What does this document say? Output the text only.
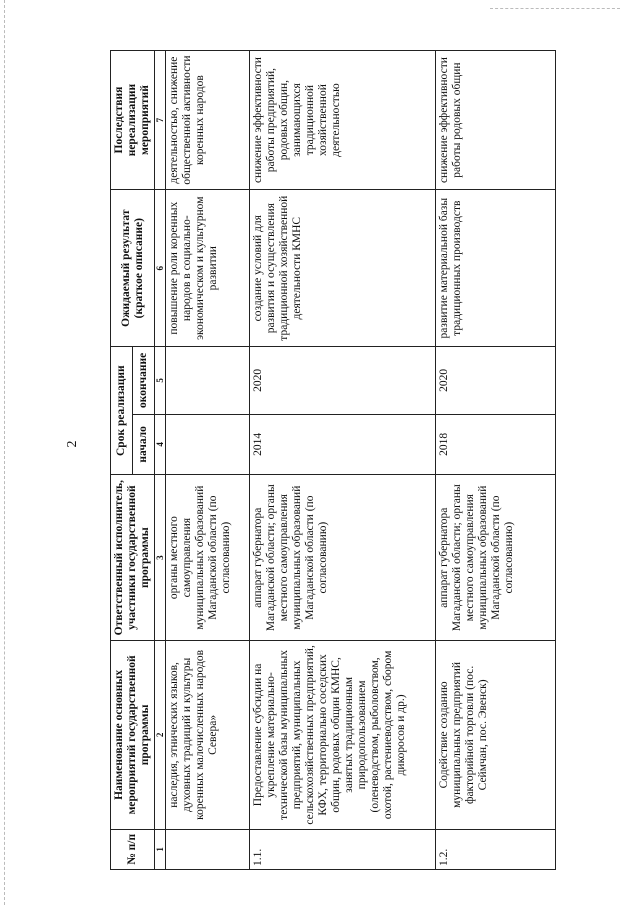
2
№ п/п	Наименование основных мероприятий государственной программы	Ответственный исполнитель, участники государственной программы	Срок реализации		Ожидаемый результат (краткое описание)	Последствия нереализации мероприятий
			начало	окончание		
1	2	3	4	5	6	7
	наследия, этнических языков, духовных традиций и культуры коренных малочисленных народов Севера»	органы местного самоуправления муниципальных образований Магаданской области (по согласованию)			повышение роли коренных народов в социально-экономическом и культурном развитии	деятельностью, снижение общественной активности коренных народов
1.1.	Предоставление субсидии на укрепление материально-технической базы муниципальных предприятий, муниципальных сельскохозяйственных предприятий, КФХ, территориально соседских общин, родовых общин КМНС, занятых традиционным природопользованием (оленеводством, рыболовством, охотой, растениеводством, сбором дикоросов и др.)	аппарат губернатора Магаданской области; органы местного самоуправления муниципальных образований Магаданской области (по согласованию)	2014	2020	создание условий для развития и осуществления традиционной хозяйственной деятельности КМНС	снижение эффективности работы предприятий, родовых общин, занимающихся традиционной хозяйственной деятельностью
1.2.	Содействие созданию муниципальных предприятий факторийной торговли (пос. Сеймчан, пос. Эвенск)	аппарат губернатора Магаданской области; органы местного самоуправления муниципальных образований Магаданской области (по согласованию)	2018	2020	развитие материальной базы традиционных производств	снижение эффективности работы родовых общин
